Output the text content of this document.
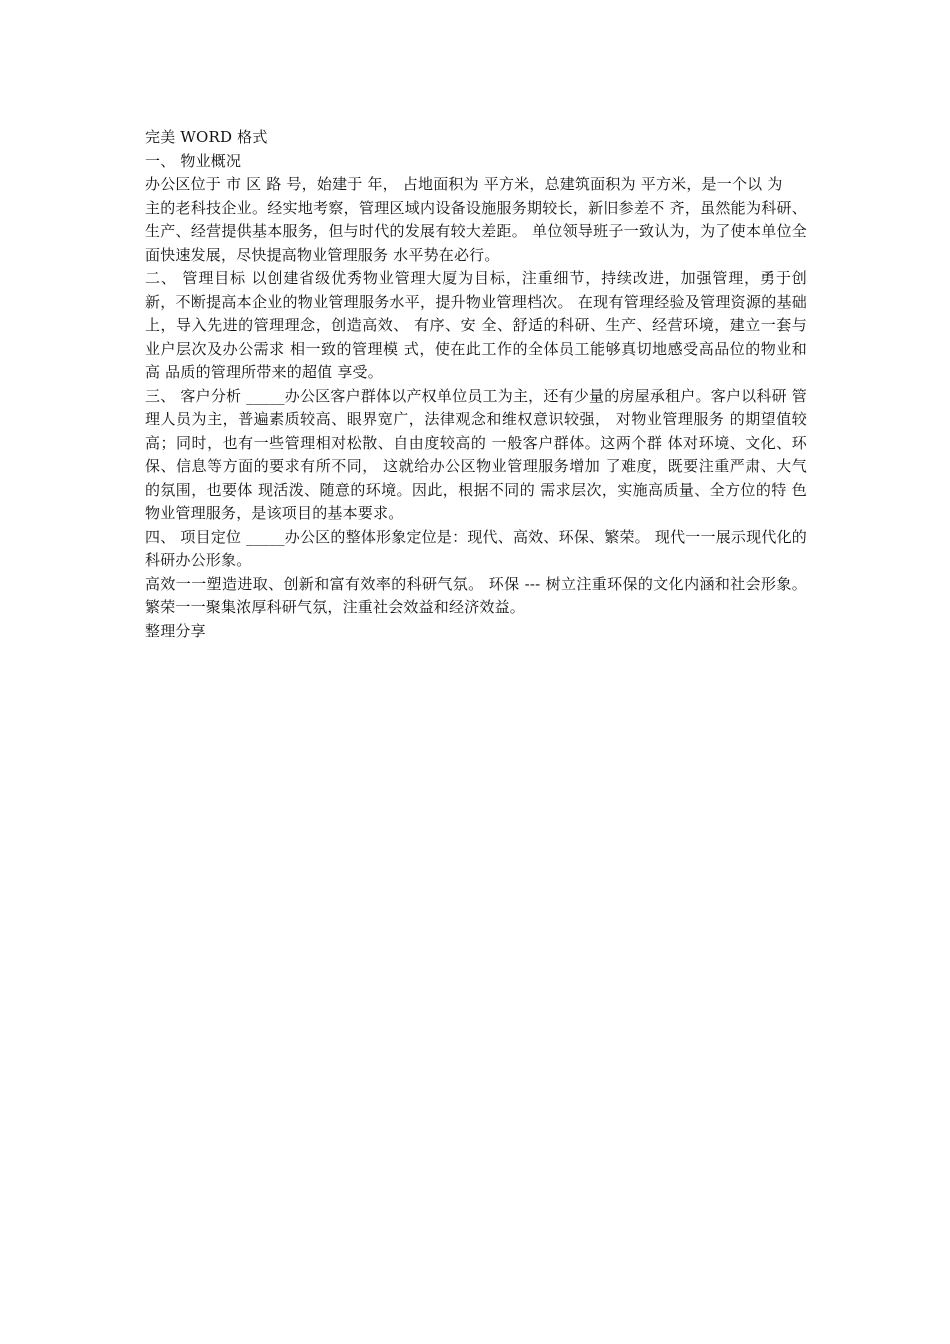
完美 WORD 格式

一、 物业概况

办公区位于 市 区 路 号，始建于 年， 占地面积为 平方米，总建筑面积为 平方米，是一个以 为

主的老科技企业。经实地考察，管理区域内设备设施服务期较长，新旧参差不 齐，虽然能为科研、生产、经营提供基本服务，但与时代的发展有较大差距。 单位领导班子一致认为，为了使本单位全面快速发展，尽快提高物业管理服务 水平势在必行。

二、 管理目标 以创建省级优秀物业管理大厦为目标，注重细节，持续改进，加强管理，勇于创 新，不断提高本企业的物业管理服务水平，提升物业管理档次。 在现有管理经验及管理资源的基础上，导入先进的管理理念，创造高效、 有序、安 全、舒适的科研、生产、经营环境，建立一套与业户层次及办公需求 相一致的管理模 式，使在此工作的全体员工能够真切地感受高品位的物业和高 品质的管理所带来的超值 享受。

三、 客户分析 _____办公区客户群体以产权单位员工为主，还有少量的房屋承租户。客户以科研 管理人员为主，普遍素质较高、眼界宽广，法律观念和维权意识较强， 对物业管理服务 的期望值较高；同时，也有一些管理相对松散、自由度较高的 一般客户群体。这两个群 体对环境、文化、环保、信息等方面的要求有所不同， 这就给办公区物业管理服务增加 了难度，既要注重严肃、大气的氛围，也要体 现活泼、随意的环境。因此，根据不同的 需求层次，实施高质量、全方位的特 色物业管理服务，是该项目的基本要求。

四、 项目定位 _____办公区的整体形象定位是：现代、高效、环保、繁荣。 现代一一展示现代化的科研办公形象。

高效一一塑造进取、创新和富有效率的科研气氛。 环保 --- 树立注重环保的文化内涵和社会形象。 繁荣一一聚集浓厚科研气氛，注重社会效益和经济效益。

整理分享
